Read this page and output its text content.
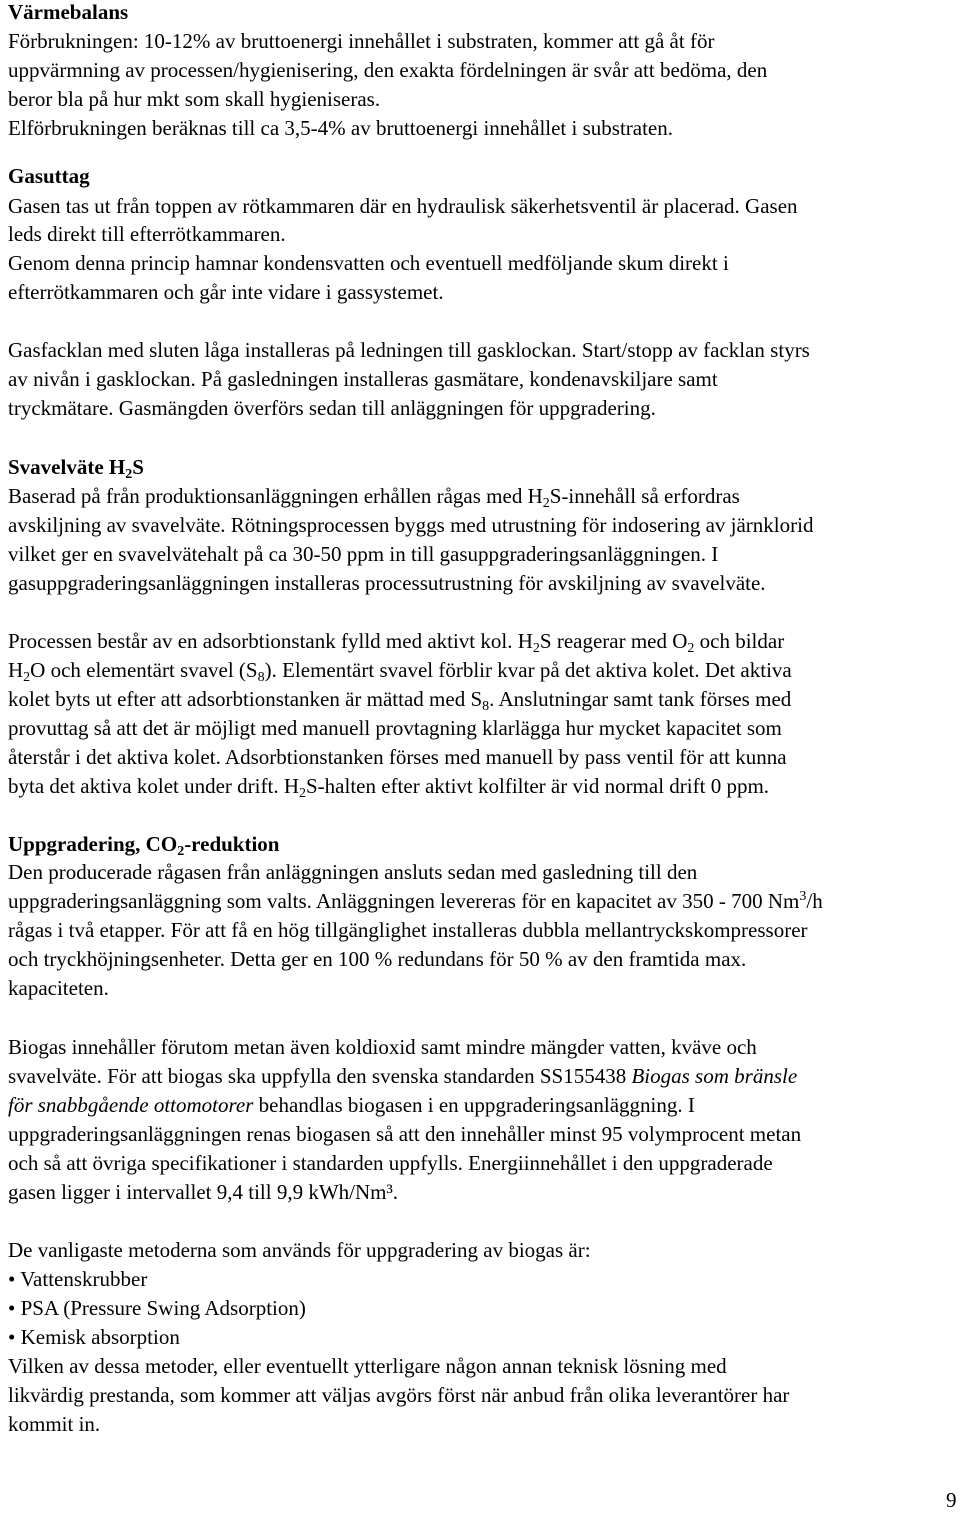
Värmebalans
Förbrukningen: 10-12% av bruttoenergi innehållet i substraten, kommer att gå åt för
uppvärmning av processen/hygienisering, den exakta fördelningen är svår att bedöma, den
beror bla på hur mkt som skall hygieniseras.
Elförbrukningen beräknas till ca 3,5-4% av bruttoenergi innehållet i substraten.
Gasuttag
Gasen tas ut från toppen av rötkammaren där en hydraulisk säkerhetsventil är placerad. Gasen
leds direkt till efterrötkammaren.
Genom denna princip hamnar kondensvatten och eventuell medföljande skum direkt i
efterrötkammaren och går inte vidare i gassystemet.
Gasfacklan med sluten låga installeras på ledningen till gasklockan. Start/stopp av facklan styrs
av nivån i gasklockan. På gasledningen installeras gasmätare, kondenavskiljare samt
tryckmätare. Gasmängden överförs sedan till anläggningen för uppgradering.
Svavelväte $H_2S$
Baserad på från produktionsanläggningen erhållen rågas med $H_2S$-innehåll så erfordras
avskiljning av svavelväte. Rötningsprocessen byggs med utrustning för indosering av järnklorid
vilket ger en svavelvätehalt på ca 30-50 ppm in till gasuppgraderingsanläggningen. I
gasuppgraderingsanläggningen installeras processutrustning för avskiljning av svavelväte.
Processen består av en adsorbtionstank fylld med aktivt kol. $H_2S$ reagerar med $O_2$ och bildar
$H_2O$ och elementärt svavel $(S_8)$. Elementärt svavel förblir kvar på det aktiva kolet. Det aktiva
kolet byts ut efter att adsorbtionstanken är mättad med $S_8$. Anslutningar samt tank förses med
provuttag så att det är möjligt med manuell provtagning klarlägga hur mycket kapacitet som
återstår i det aktiva kolet. Adsorbtionstanken förses med manuell by pass ventil för att kunna
byta det aktiva kolet under drift. $H_2S$-halten efter aktivt kolfilter är vid normal drift 0 ppm.
Uppgradering, $CO_2$-reduktion
Den producerade rågasen från anläggningen ansluts sedan med gasledning till den
uppgraderingsanläggning som valts. Anläggningen levereras för en kapacitet av 350 - 700 Nm$^3$/h
rågas i två etapper. För att få en hög tillgänglighet installeras dubbla mellantryckskompressorer
och tryckhöjningsenheter. Detta ger en 100 % redundans för 50 % av den framtida max.
kapaciteten.
Biogas innehåller förutom metan även koldioxid samt mindre mängder vatten, kväve och
svavelväte. För att biogas ska uppfylla den svenska standarden SS155438 Biogas som bränsle
för snabbgående ottomotorer behandlas biogasen i en uppgraderingsanläggning. I
uppgraderingsanläggningen renas biogasen så att den innehåller minst 95 volymprocent metan
och så att övriga specifikationer i standarden uppfylls. Energiinnehållet i den uppgraderade
gasen ligger i intervallet 9,4 till 9,9 kWh/Nm³.
De vanligaste metoderna som används för uppgradering av biogas är:
• Vattenskrubber
• PSA (Pressure Swing Adsorption)
• Kemisk absorption
Vilken av dessa metoder, eller eventuellt ytterligare någon annan teknisk lösning med
likvärdig prestanda, som kommer att väljas avgörs först när anbud från olika leverantörer har
kommit in.
9
